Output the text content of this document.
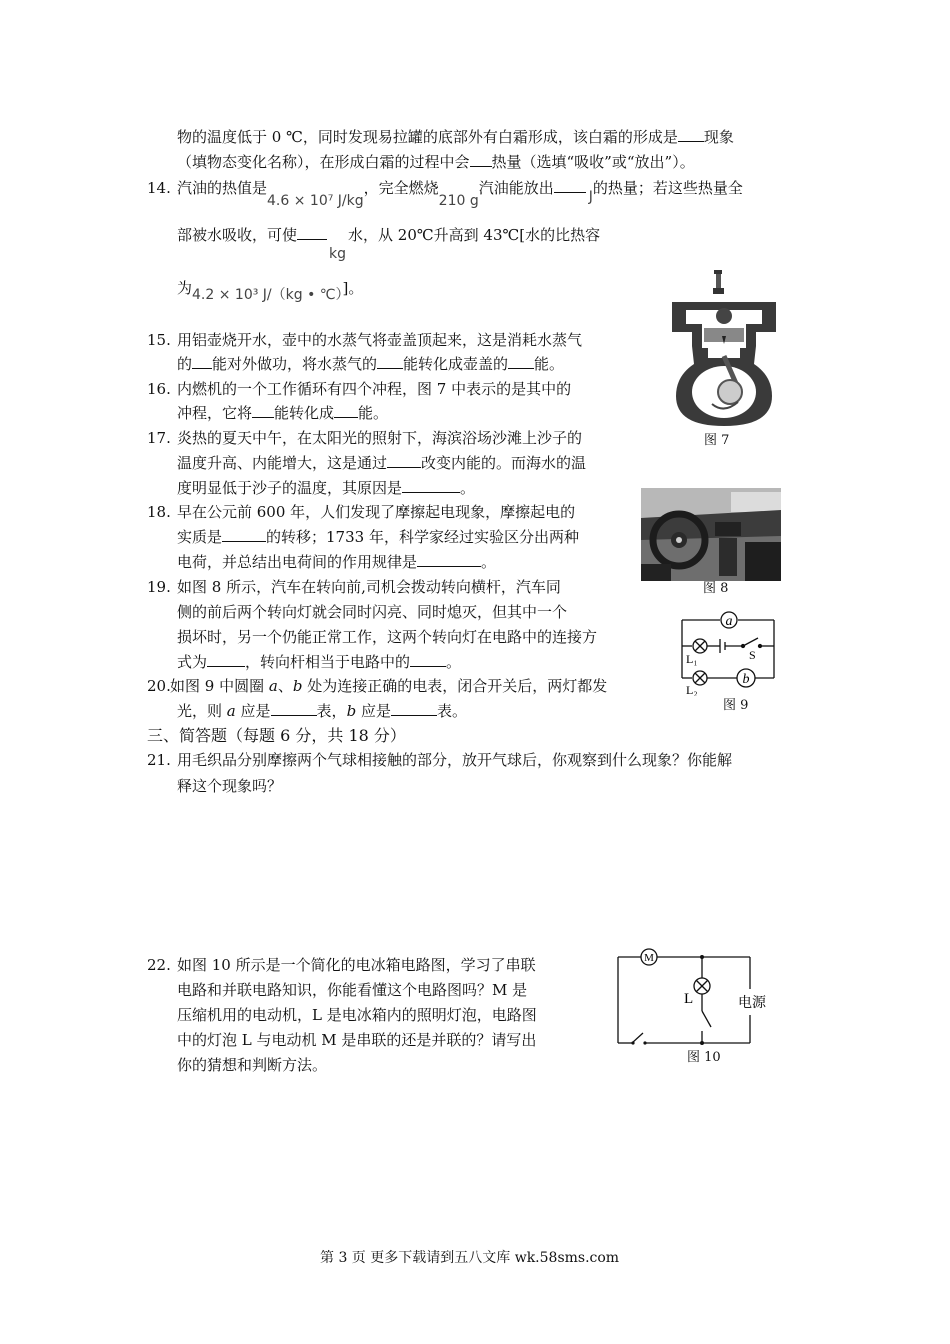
物的温度低于 0 ℃，同时发现易拉罐的底部外有白霜形成，该白霜的形成是 现象
（填物态变化名称），在形成白霜的过程中会 热量（选填“吸收”或“放出”）。
14. 汽油的热值是4.6 × 10⁷ J/kg，完全燃烧210 g汽油能放出	J的热量；若这些热量全
部被水吸收，可使kg水，从 20℃升高到 43℃[水的比热容
为4.2 × 10³ J/（kg • ℃）]。
图 7
15. 用铝壶烧开水，壶中的水蒸气将壶盖顶起来，这是消耗水蒸气
的 能对外做功，将水蒸气的 能转化成壶盖的 能。
16. 内燃机的一个工作循环有四个冲程，图 7 中表示的是其中的
冲程，它将 能转化成 能。
17. 炎热的夏天中午，在太阳光的照射下，海滨浴场沙滩上沙子的
温度升高、内能增大，这是通过 改变内能的。而海水的温
度明显低于沙子的温度，其原因是	。
图 8
18. 早在公元前 600 年，人们发现了摩擦起电现象，摩擦起电的
实质是	的转移；1733 年，科学家经过实验区分出两种
电荷，并总结出电荷间的作用规律是	。
19. 如图 8 所示，汽车在转向前,司机会拨动转向横杆，汽车同
侧的前后两个转向灯就会同时闪亮、同时熄灭，但其中一个
损坏时，另一个仍能正常工作，这两个转向灯在电路中的连接方
式为	，转向杆相当于电路中的 。
a
b
L₁
L₂
S
图 9
20. 如图 9 中圆圈 a、b 处为连接正确的电表，闭合开关后，两灯都发
光，则 a 应是	表，b 应是	表。
三、简答题（每题 6 分，共 18 分）
21. 用毛织品分别摩擦两个气球相接触的部分，放开气球后，你观察到什么现象？你能解
释这个现象吗？
22. 如图 10 所示是一个简化的电冰箱电路图，学习了串联
电路和并联电路知识，你能看懂这个电路图吗？M 是
压缩机用的电动机，L 是电冰箱内的照明灯泡，电路图
中的灯泡 L 与电动机 M 是串联的还是并联的？请写出
你的猜想和判断方法。
M
L	电源
图 10
第 3 页 更多下载请到五八文库 wk.58sms.com
